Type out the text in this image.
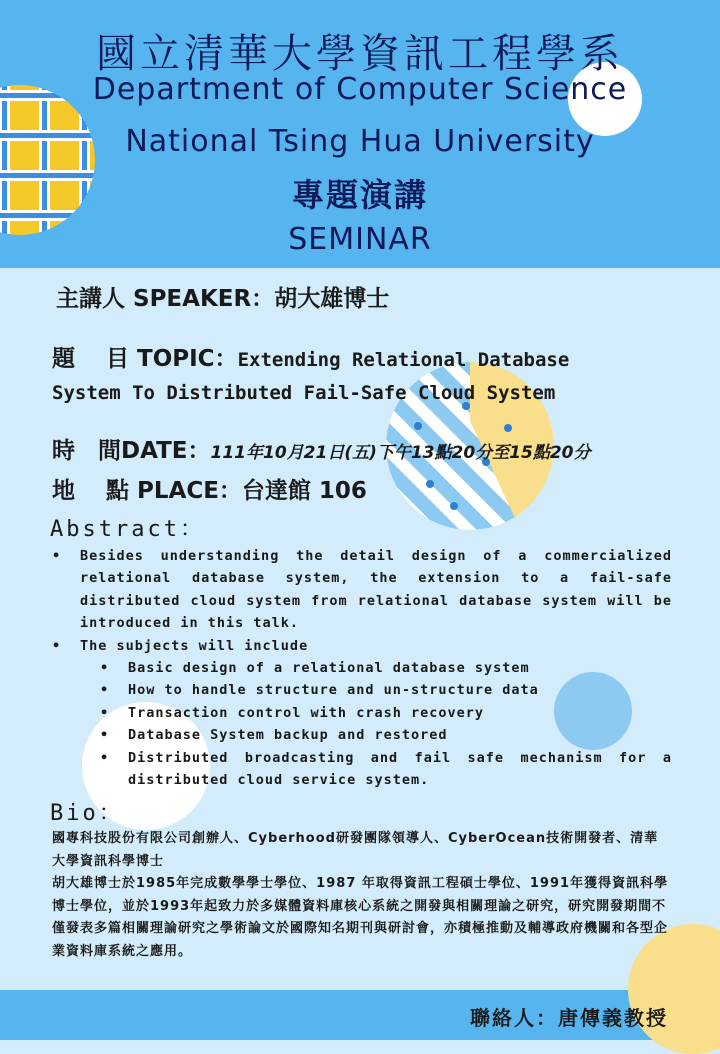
國立清華大學資訊工程學系
Department of Computer Science
National Tsing Hua University
專題演講
SEMINAR
主講人 SPEAKER：胡大雄博士
題　 目 TOPIC：Extending Relational Database
System To Distributed Fail-Safe Cloud System
時　間DATE：111年10月21日(五)下午13點20分至15點20分
地　 點 PLACE：台達館 106
Abstract：
• Besides understanding the detail design of a commercialized relational database system, the extension to a fail-safe distributed cloud system from relational database system will be introduced in this talk.
• The subjects will include
• Basic design of a relational database system
• How to handle structure and un-structure data
• Transaction control with crash recovery
• Database System backup and restored
• Distributed broadcasting and fail safe mechanism for a distributed cloud service system.
Bio：

國專科技股份有限公司創辦人、Cyberhood研發團隊領導人、CyberOcean技術開發者、清華大學資訊科學博士

胡大雄博士於1985年完成數學學士學位、1987 年取得資訊工程碩士學位、1991年獲得資訊科學博士學位，並於1993年起致力於多媒體資料庫核心系統之開發與相關理論之研究，研究開發期間不僅發表多篇相關理論研究之學術論文於國際知名期刊與研討會，亦積極推動及輔導政府機關和各型企業資料庫系統之應用。

聯絡人：唐傳義教授
